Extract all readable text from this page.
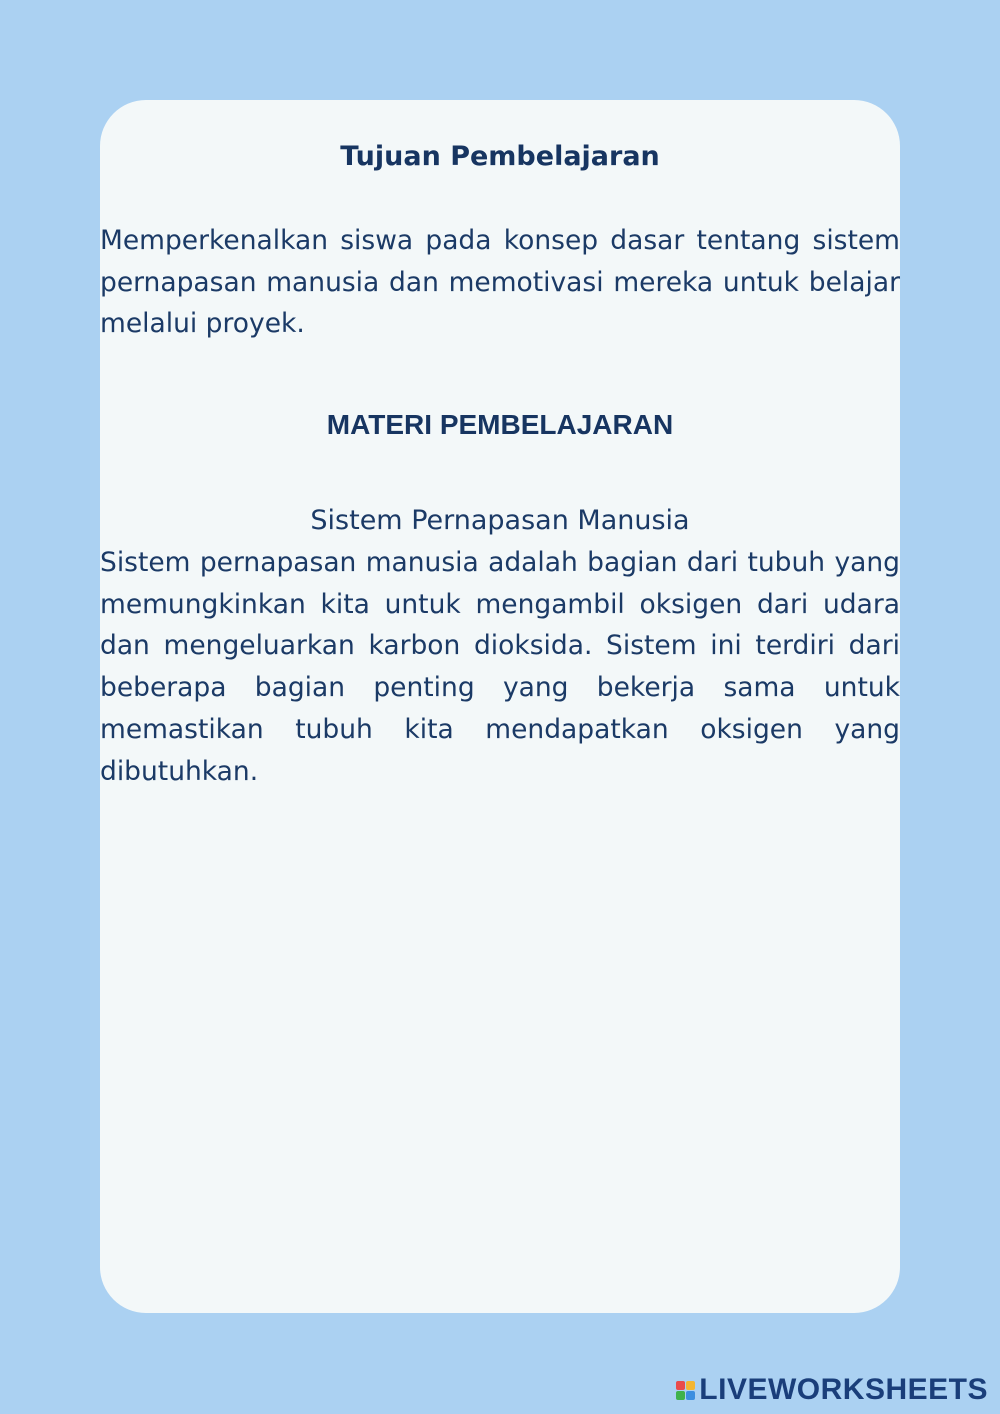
Tujuan Pembelajaran

Memperkenalkan siswa pada konsep dasar tentang sistem pernapasan manusia dan memotivasi mereka untuk belajar melalui proyek.

MATERI PEMBELAJARAN
Sistem Pernapasan Manusia

Sistem pernapasan manusia adalah bagian dari tubuh yang memungkinkan kita untuk mengambil oksigen dari udara dan mengeluarkan karbon dioksida. Sistem ini terdiri dari beberapa bagian penting yang bekerja sama untuk memastikan tubuh kita mendapatkan oksigen yang dibutuhkan.

LIVEWORKSHEETS
